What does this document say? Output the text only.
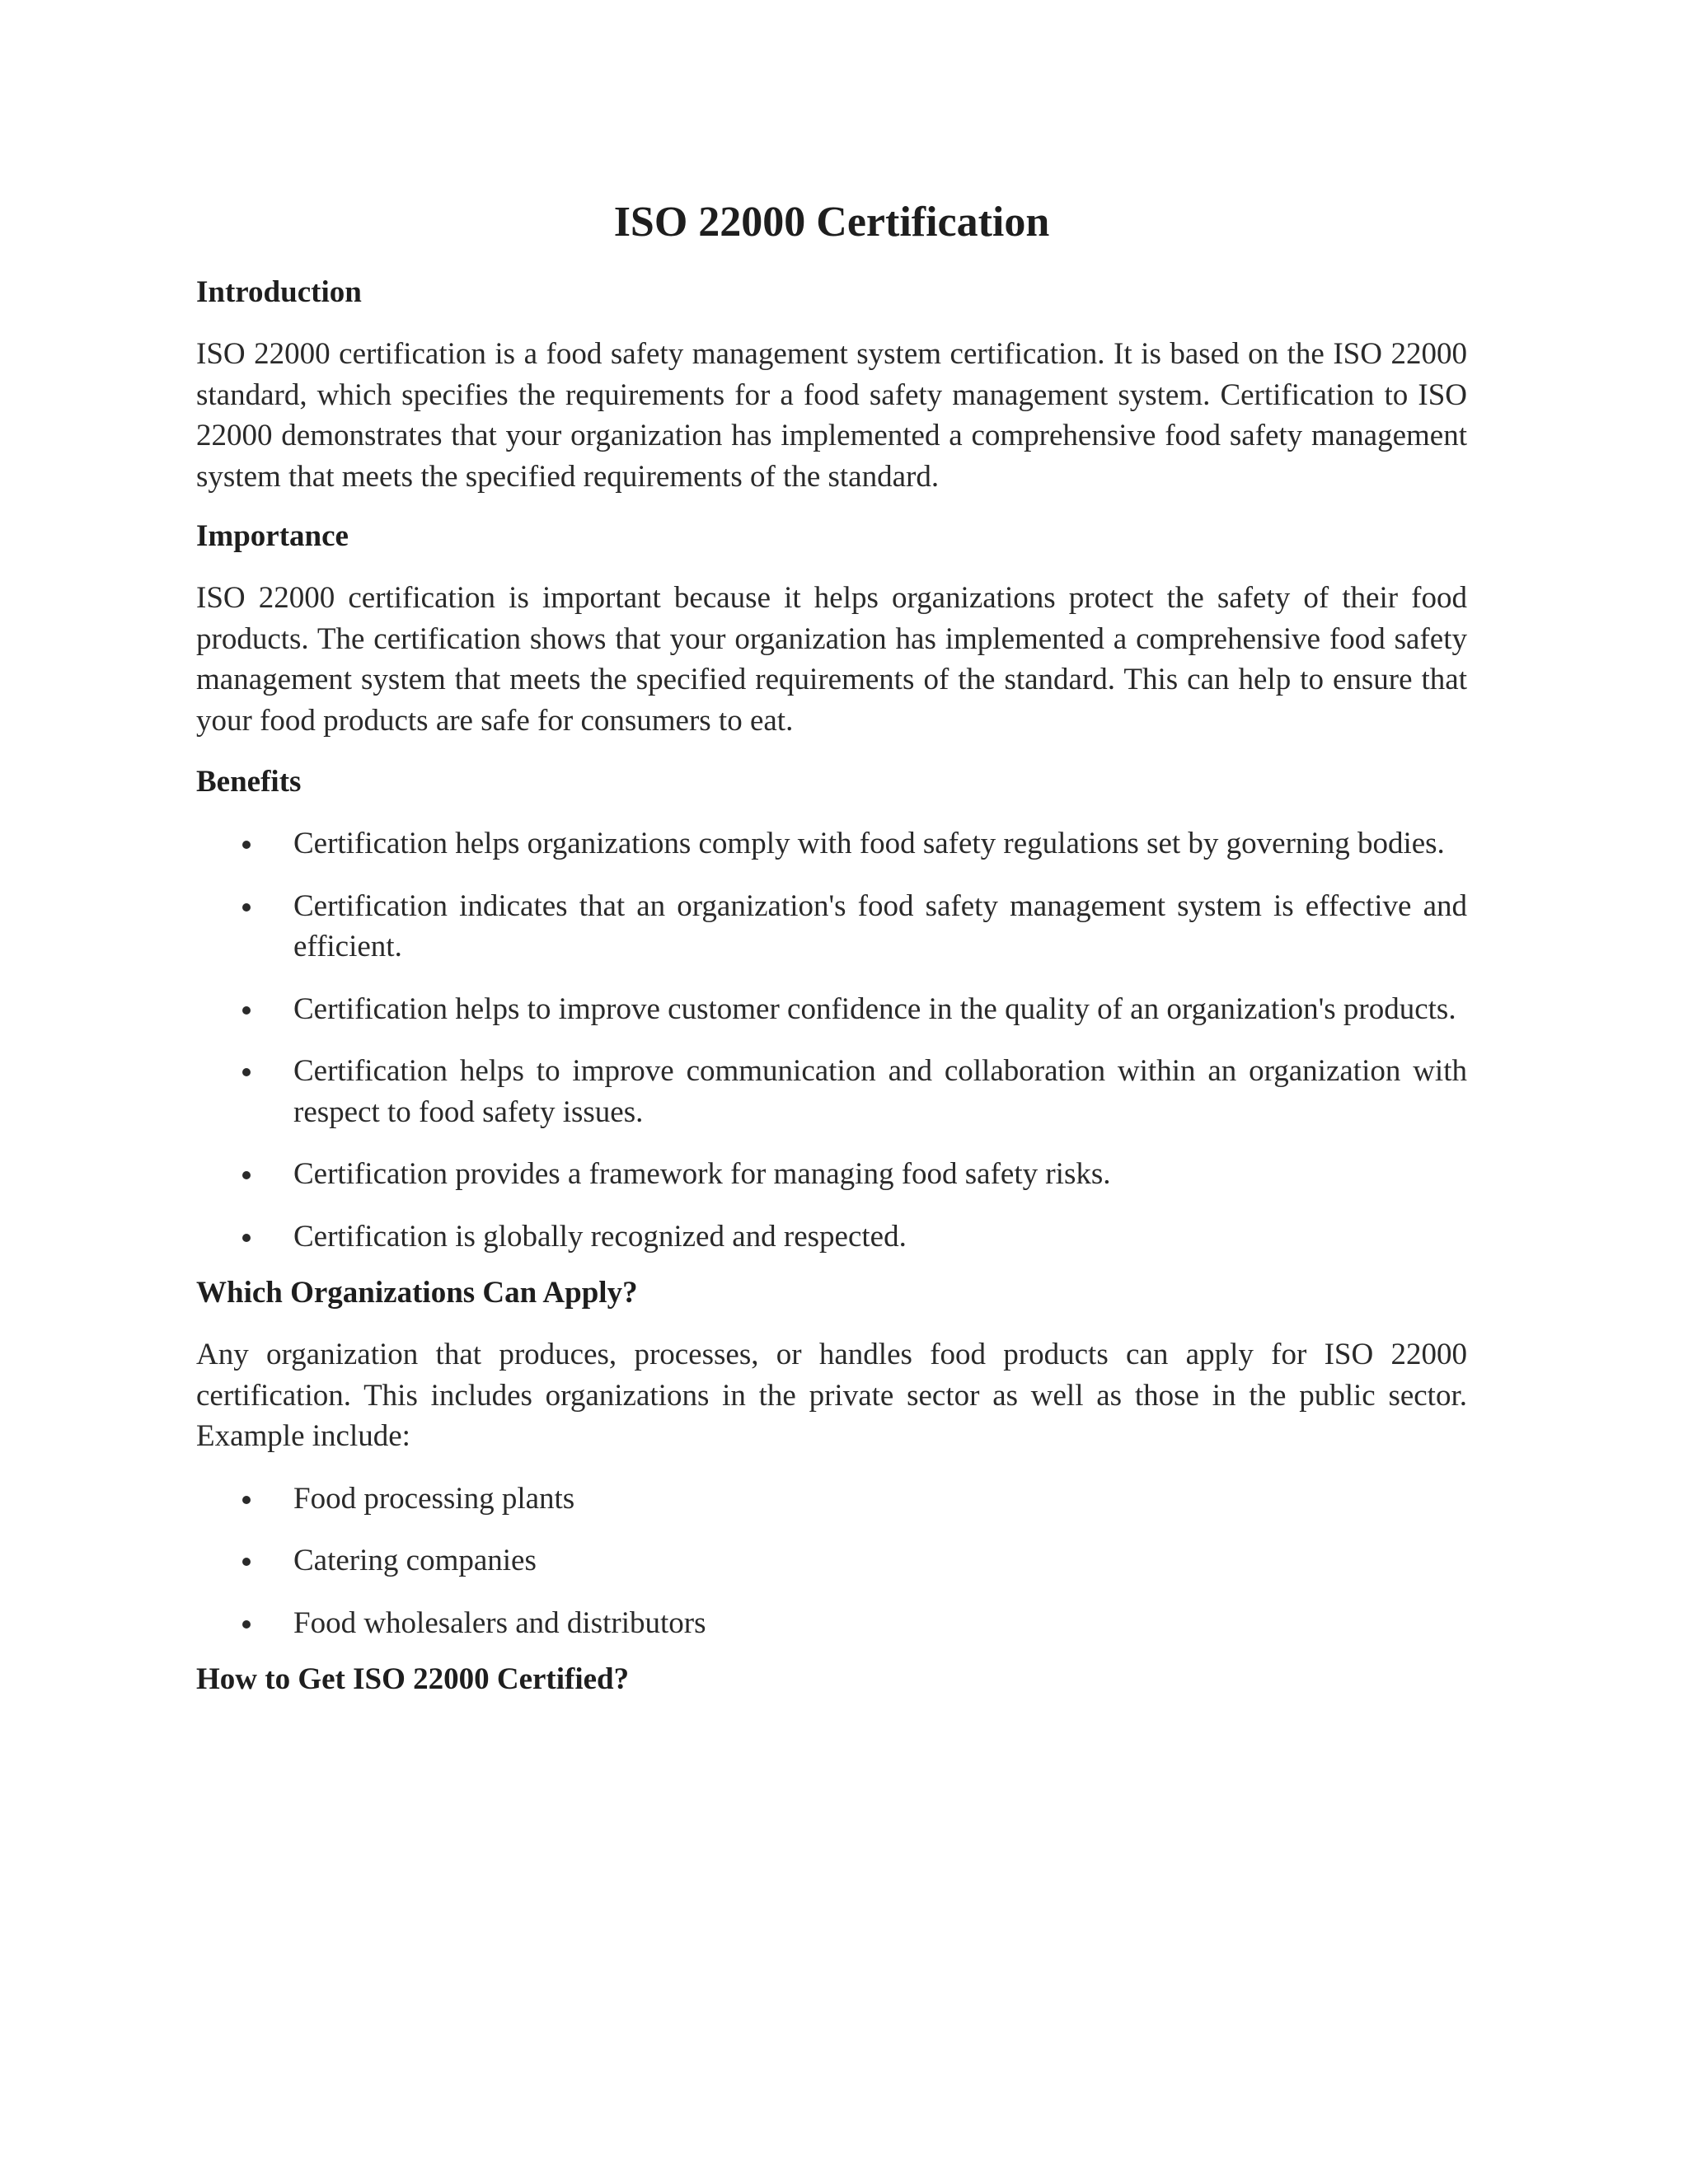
ISO 22000 Certification
Introduction

ISO 22000 certification is a food safety management system certification. It is based on the ISO 22000 standard, which specifies the requirements for a food safety management system. Certification to ISO 22000 demonstrates that your organization has implemented a comprehensive food safety management system that meets the specified requirements of the standard.

Importance

ISO 22000 certification is important because it helps organizations protect the safety of their food products. The certification shows that your organization has implemented a comprehensive food safety management system that meets the specified requirements of the standard. This can help to ensure that your food products are safe for consumers to eat.

Benefits
Certification helps organizations comply with food safety regulations set by governing bodies.
Certification indicates that an organization's food safety management system is effective and efficient.
Certification helps to improve customer confidence in the quality of an organization's products.
Certification helps to improve communication and collaboration within an organization with respect to food safety issues.
Certification provides a framework for managing food safety risks.
Certification is globally recognized and respected.
Which Organizations Can Apply?

Any organization that produces, processes, or handles food products can apply for ISO 22000 certification. This includes organizations in the private sector as well as those in the public sector. Example include:

Food processing plants
Catering companies
Food wholesalers and distributors
How to Get ISO 22000 Certified?
